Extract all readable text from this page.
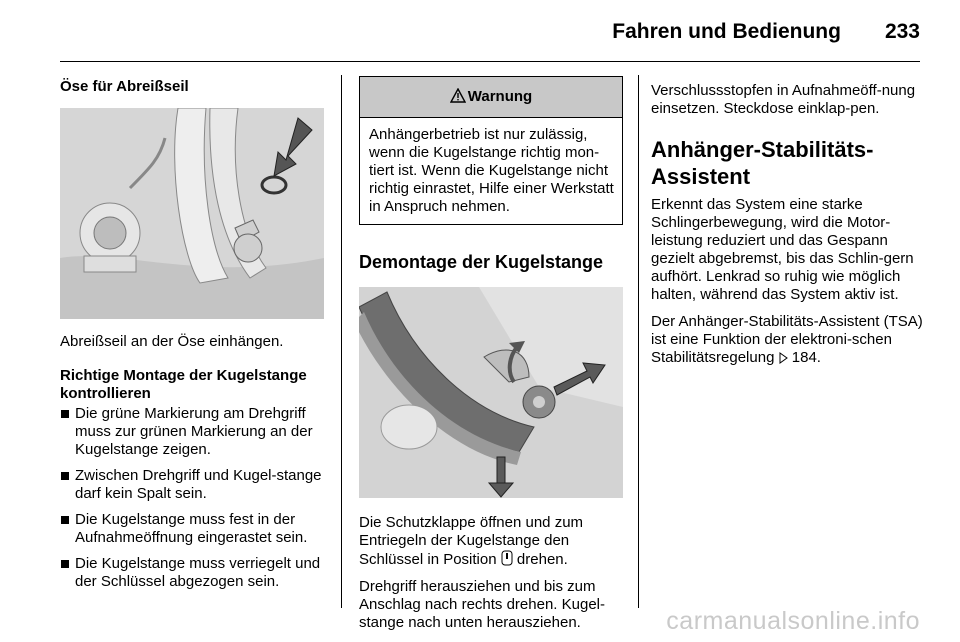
Fahren und Bedienung 233
Öse für Abreißseil

Abreißseil an der Öse einhängen.

Richtige Montage der Kugelstange kontrollieren
Die grüne Markierung am Drehgriff muss zur grünen Markierung an der Kugelstange zeigen.
Zwischen Drehgriff und Kugel-stange darf kein Spalt sein.
Die Kugelstange muss fest in der Aufnahmeöffnung eingerastet sein.
Die Kugelstange muss verriegelt und der Schlüssel abgezogen sein.
Warnung
Anhängerbetrieb ist nur zulässig, wenn die Kugelstange richtig mon-tiert ist. Wenn die Kugelstange nicht richtig einrastet, Hilfe einer Werkstatt in Anspruch nehmen.
Demontage der Kugelstange

Die Schutzklappe öffnen und zum Entriegeln der Kugelstange den Schlüssel in Position drehen.

Drehgriff herausziehen und bis zum Anschlag nach rechts drehen. Kugel-stange nach unten herausziehen.

Verschlussstopfen in Aufnahmeöff-nung einsetzen. Steckdose einklap-pen.

Anhänger-Stabilitäts-Assistent

Erkennt das System eine starke Schlingerbewegung, wird die Motor-leistung reduziert und das Gespann gezielt abgebremst, bis das Schlin-gern aufhört. Lenkrad so ruhig wie möglich halten, während das System aktiv ist.

Der Anhänger-Stabilitäts-Assistent (TSA) ist eine Funktion der elektroni-schen Stabilitätsregelung 184.

carmanualsonline.info
